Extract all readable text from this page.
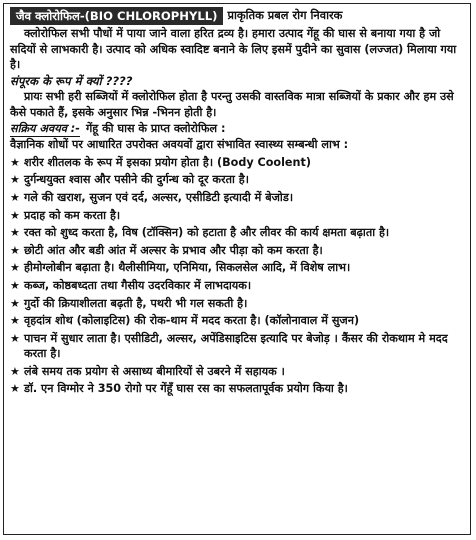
जैव क्लोरोफिल-(BIO CHLOROPHYLL) प्राकृतिक प्रबल रोग निवारक

क्लोरोफिल सभी पौधों में पाया जाने वाला हरित द्रव्य है। हमारा उत्पाद गेंहू की घास से बनाया गया है जो सदियों से लाभकारी है। उत्पाद को अधिक स्वादिष्ट बनाने के लिए इसमें पुदीने का सुवास (लज्जत) मिलाया गया है।

संपूरक के रूप में क्यों ????

प्रायः सभी हरी सब्जियों में क्लोरोफिल होता है परन्तु उसकी वास्तविक मात्रा सब्जियों के प्रकार और हम उसे कैसे पकाते हैं, इसके अनुसार भिन्न -भिनन होती है।

सक्रिय अवयव :- गेंहू की घास के प्राप्त क्लोरोफिल :

वैज्ञानिक शोधों पर आधारित उपरोक्त अवयवों द्वारा संभावित स्वास्थ्य सम्बन्धी लाभ :

★ शरीर शीतलक के रूप में इसका प्रयोग होता है। (Body Coolent)
★ दुर्गन्धयुक्त श्वास और पसीने की दुर्गन्ध को दूर करता है।
★ गले की खराश, सुजन एवं दर्द, अल्सर, एसीडिटी इत्यादी में बेजोड।
★ प्रदाह को कम करता है।
★ रक्त को शुध्द करता है, विष (टॉक्सिन) को हटाता है और लीवर की कार्य क्षमता बढ़ाता है।
★ छोटी आंत और बडी आंत में अल्सर के प्रभाव और पीड़ा को कम करता है।
★ हीमोग्लोबीन बढ़ाता है। थैलीसीमिया, एनिमिया, सिकलसेल आदि, में विशेष लाभ।
★ कब्ज, कोष्ठबध्दता तथा गैसीय उदरविकार में लाभदायक।
★ गुर्दो की क्रियाशीलता बढ़ती है, पथरी भी गल सकती है।
★ वृहदांत्र शोथ (कोलाइटिस) की रोक-थाम में मदद करता है। (कॉलोनावाल में सुजन)
★ पाचन में सुधार लाता है। एसीडिटी, अल्सर, अपेंडिसाइटिस इत्यादि पर बेजोड़ । कैंसर की रोकथाम मे मदद करता है।
★ लंबे समय तक प्रयोग से असाध्य बीमारियों से उबरने में सहायक ।
★ डॉ. एन विग्मोर ने 350 रोगो पर गेंहूँ घास रस का सफलतापूर्वक प्रयोग किया है।
